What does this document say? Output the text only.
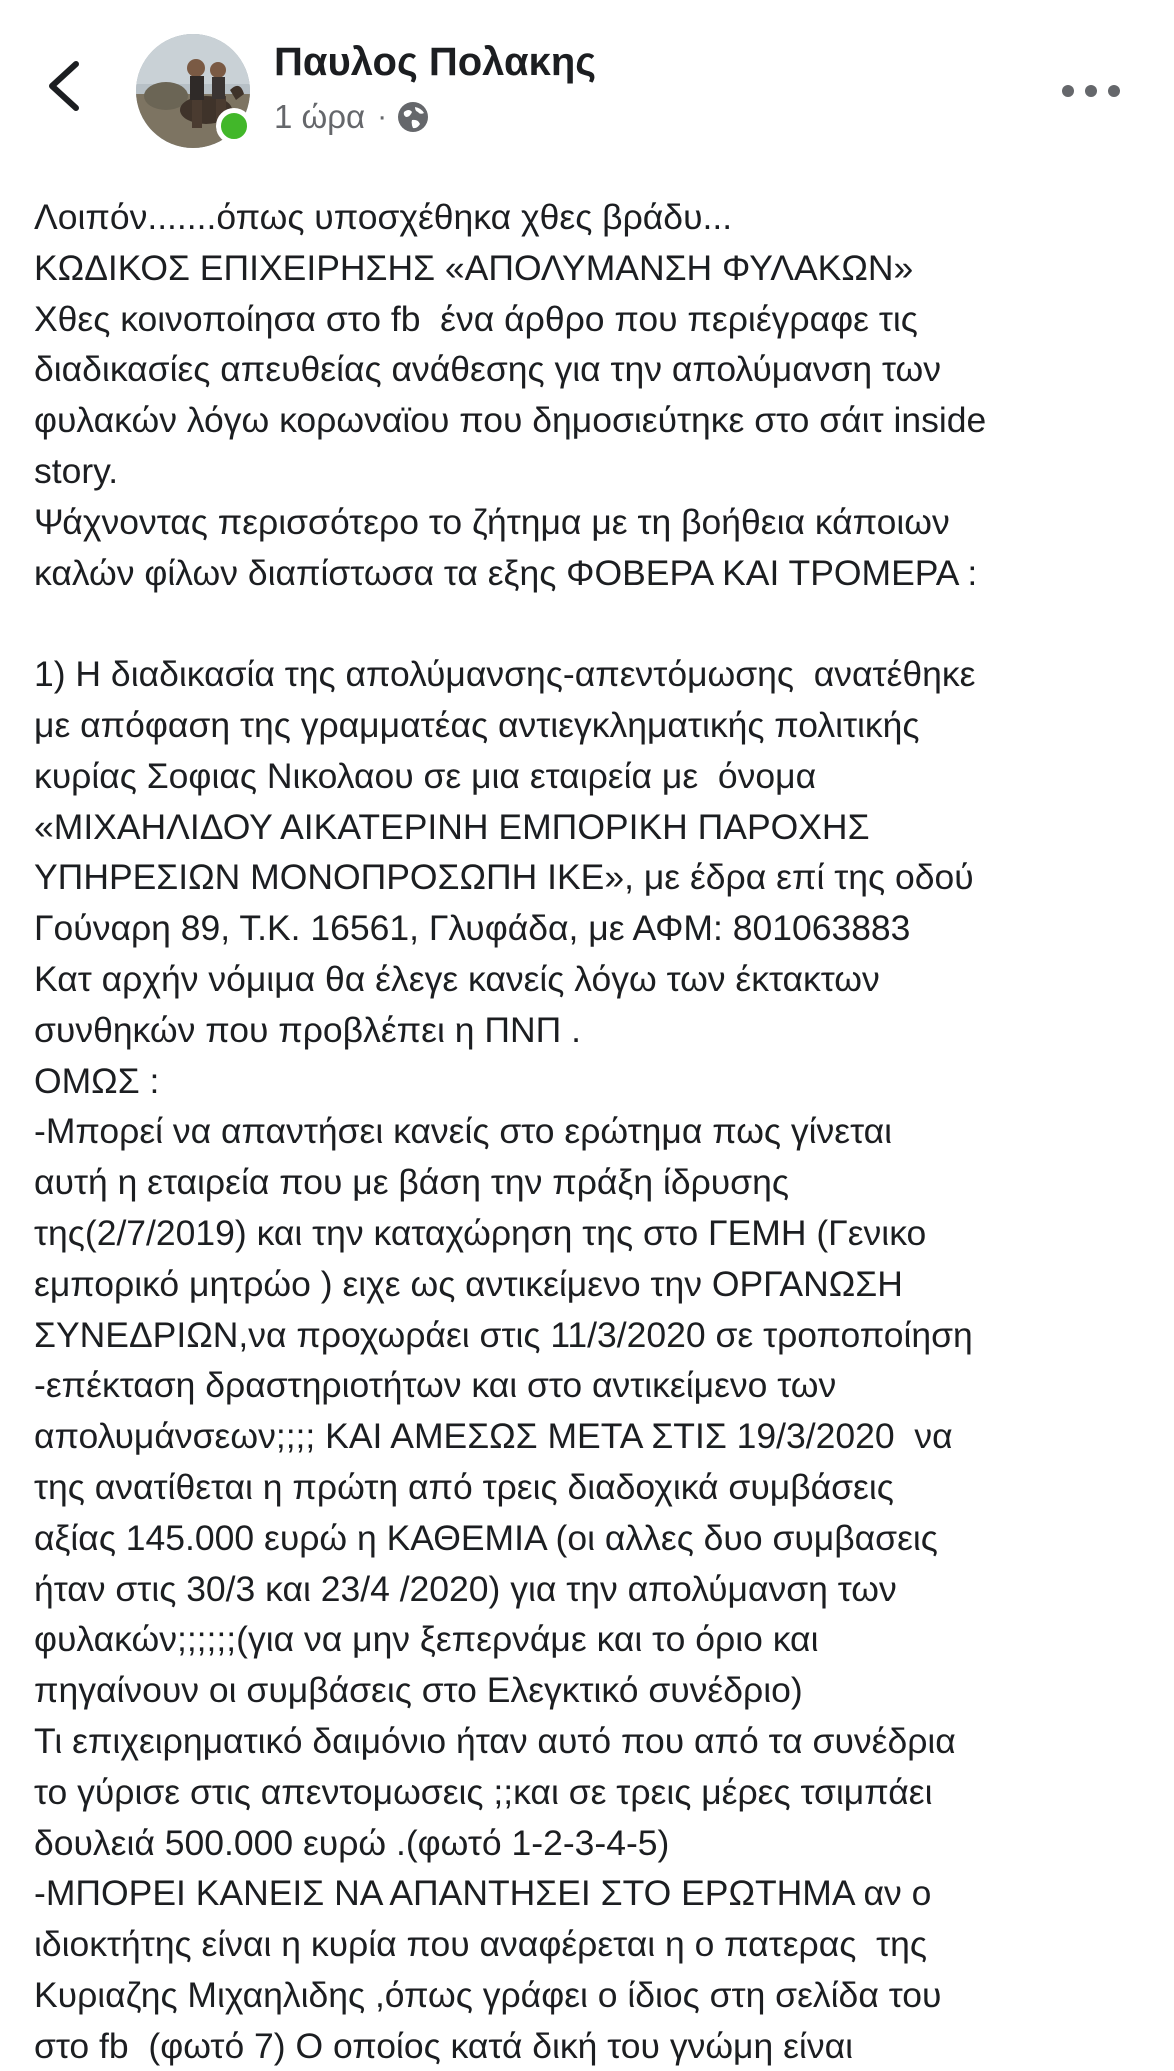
Παυλος Πολακης
1 ώρα ·
Λοιπόν.......όπως υποσχέθηκα χθες βράδυ...
ΚΩΔΙΚΟΣ ΕΠΙΧΕΙΡΗΣΗΣ «ΑΠΟΛΥΜΑΝΣΗ ΦΥΛΑΚΩΝ»
Χθες κοινοποίησα στο fb  ένα άρθρο που περιέγραφε τις
διαδικασίες απευθείας ανάθεσης για την απολύμανση των
φυλακών λόγω κορωναϊου που δημοσιεύτηκε στο σάιτ inside
story.
Ψάχνοντας περισσότερο το ζήτημα με τη βοήθεια κάποιων
καλών φίλων διαπίστωσα τα εξης ΦΟΒΕΡΑ ΚΑΙ ΤΡΟΜΕΡΑ :
1) Η διαδικασία της απολύμανσης-απεντόμωσης  ανατέθηκε
με απόφαση της γραμματέας αντιεγκληματικής πολιτικής
κυρίας Σοφιας Νικολαου σε μια εταιρεία με  όνομα
«ΜΙΧΑΗΛΙΔΟΥ ΑΙΚΑΤΕΡΙΝΗ ΕΜΠΟΡΙΚΗ ΠΑΡΟΧΗΣ
ΥΠΗΡΕΣΙΩΝ ΜΟΝΟΠΡΟΣΩΠΗ ΙΚΕ», με έδρα επί της οδού
Γούναρη 89, Τ.Κ. 16561, Γλυφάδα, με ΑΦΜ: 801063883
Κατ αρχήν νόμιμα θα έλεγε κανείς λόγω των έκτακτων
συνθηκών που προβλέπει η ΠΝΠ .
ΟΜΩΣ :
-Μπορεί να απαντήσει κανείς στο ερώτημα πως γίνεται
αυτή η εταιρεία που με βάση την πράξη ίδρυσης
της(2/7/2019) και την καταχώρηση της στο ΓΕΜΗ (Γενικο
εμπορικό μητρώο ) ειχε ως αντικείμενο την ΟΡΓΑΝΩΣΗ
ΣΥΝΕΔΡΙΩΝ,να προχωράει στις 11/3/2020 σε τροποποίηση
-επέκταση δραστηριοτήτων και στο αντικείμενο των
απολυμάνσεων;;;; ΚΑΙ ΑΜΕΣΩΣ ΜΕΤΑ ΣΤΙΣ 19/3/2020  να
της ανατίθεται η πρώτη από τρεις διαδοχικά συμβάσεις
αξίας 145.000 ευρώ η ΚΑΘΕΜΙΑ (οι αλλες δυο συμβασεις
ήταν στις 30/3 και 23/4 /2020) για την απολύμανση των
φυλακών;;;;;;(για να μην ξεπερνάμε και το όριο και
πηγαίνουν οι συμβάσεις στο Ελεγκτικό συνέδριο)
Τι επιχειρηματικό δαιμόνιο ήταν αυτό που από τα συνέδρια
το γύρισε στις απεντομωσεις ;;και σε τρεις μέρες τσιμπάει
δουλειά 500.000 ευρώ .(φωτό 1-2-3-4-5)
-ΜΠΟΡΕΙ ΚΑΝΕΙΣ ΝΑ ΑΠΑΝΤΗΣΕΙ ΣΤΟ ΕΡΩΤΗΜΑ αν ο
ιδιοκτήτης είναι η κυρία που αναφέρεται η ο πατερας  της
Κυριαζης Μιχαηλιδης ,όπως γράφει ο ίδιος στη σελίδα του
στο fb  (φωτό 7) Ο οποίος κατά δική του γνώμη είναι
